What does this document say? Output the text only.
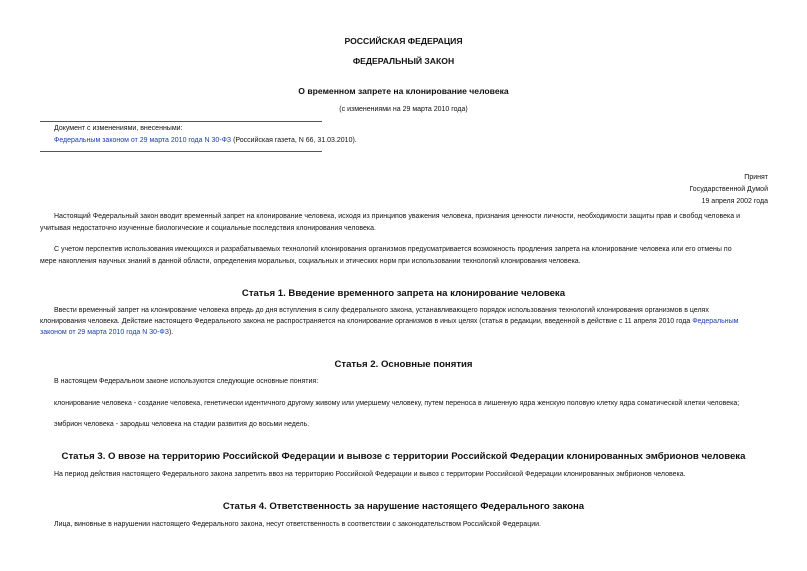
РОССИЙСКАЯ ФЕДЕРАЦИЯ
ФЕДЕРАЛЬНЫЙ ЗАКОН
О временном запрете на клонирование человека
(с изменениями на 29 марта 2010 года)
Документ с изменениями, внесенными:
Федеральным законом от 29 марта 2010 года N 30-ФЗ (Российская газета, N 66, 31.03.2010).
Принят
Государственной Думой
19 апреля 2002 года
Настоящий Федеральный закон вводит временный запрет на клонирование человека, исходя из принципов уважения человека, признания ценности личности, необходимости защиты прав и свобод человека и
учитывая недостаточно изученные биологические и социальные последствия клонирования человека.
С учетом перспектив использования имеющихся и разрабатываемых технологий клонирования организмов предусматривается возможность продления запрета на клонирование человека или его отмены по
мере накопления научных знаний в данной области, определения моральных, социальных и этических норм при использовании технологий клонирования человека.
Статья 1. Введение временного запрета на клонирование человека
Ввести временный запрет на клонирование человека впредь до дня вступления в силу федерального закона, устанавливающего порядок использования технологий клонирования организмов в целях
клонирования человека. Действие настоящего Федерального закона не распространяется на клонирование организмов в иных целях (статья в редакции, введенной в действие с 11 апреля 2010 года Федеральным
законом от 29 марта 2010 года N 30-ФЗ).
Статья 2. Основные понятия
В настоящем Федеральном законе используются следующие основные понятия:
клонирование человека - создание человека, генетически идентичного другому живому или умершему человеку, путем переноса в лишенную ядра женскую половую клетку ядра соматической клетки человека;
эмбрион человека - зародыш человека на стадии развития до восьми недель.
Статья 3. О ввозе на территорию Российской Федерации и вывозе с территории Российской Федерации клонированных эмбрионов человека
На период действия настоящего Федерального закона запретить ввоз на территорию Российской Федерации и вывоз с территории Российской Федерации клонированных эмбрионов человека.
Статья 4. Ответственность за нарушение настоящего Федерального закона
Лица, виновные в нарушении настоящего Федерального закона, несут ответственность в соответствии с законодательством Российской Федерации.
